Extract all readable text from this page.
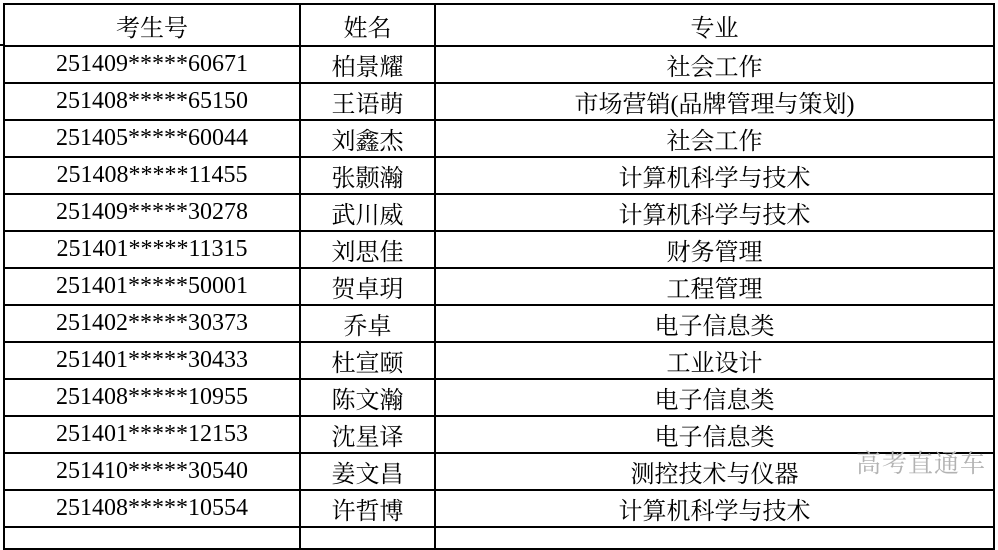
考生号	姓名	专业
251409*****60671	柏景耀	社会工作
251408*****65150	王语萌	市场营销(品牌管理与策划)
251405*****60044	刘鑫杰	社会工作
251408*****11455	张颢瀚	计算机科学与技术
251409*****30278	武川威	计算机科学与技术
251401*****11315	刘思佳	财务管理
251401*****50001	贺卓玥	工程管理
251402*****30373	乔卓	电子信息类
251401*****30433	杜宣颐	工业设计
251408*****10955	陈文瀚	电子信息类
251401*****12153	沈星译	电子信息类
251410*****30540	姜文昌	测控技术与仪器
251408*****10554	许哲博	计算机科学与技术

高考直通车
